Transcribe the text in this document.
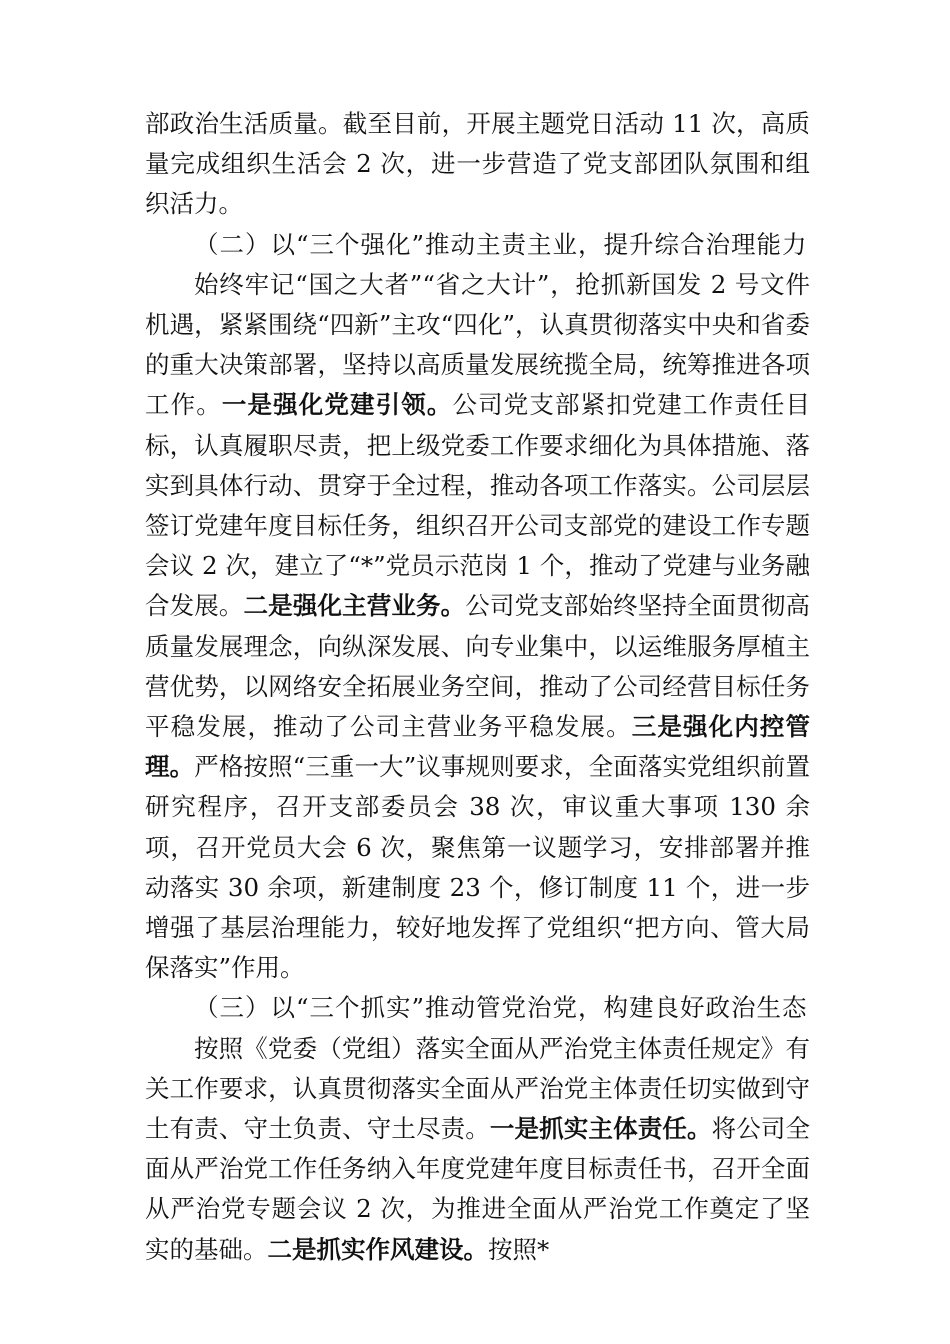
部政治生活质量。截至目前，开展主题党日活动 11 次，高质量完成组织生活会 2 次，进一步营造了党支部团队氛围和组织活力。

（二）以“三个强化”推动主责主业，提升综合治理能力

始终牢记“国之大者”“省之大计”，抢抓新国发 2 号文件机遇，紧紧围绕“四新”主攻“四化”，认真贯彻落实中央和省委的重大决策部署，坚持以高质量发展统揽全局，统筹推进各项工作。一是强化党建引领。公司党支部紧扣党建工作责任目标，认真履职尽责，把上级党委工作要求细化为具体措施、落实到具体行动、贯穿于全过程，推动各项工作落实。公司层层签订党建年度目标任务，组织召开公司支部党的建设工作专题会议 2 次，建立了“*”党员示范岗 1 个，推动了党建与业务融合发展。二是强化主营业务。公司党支部始终坚持全面贯彻高质量发展理念，向纵深发展、向专业集中，以运维服务厚植主营优势，以网络安全拓展业务空间，推动了公司经营目标任务平稳发展，推动了公司主营业务平稳发展。三是强化内控管理。严格按照“三重一大”议事规则要求，全面落实党组织前置研究程序，召开支部委员会 38 次，审议重大事项 130 余项，召开党员大会 6 次，聚焦第一议题学习，安排部署并推动落实 30 余项，新建制度 23 个，修订制度 11 个，进一步增强了基层治理能力，较好地发挥了党组织“把方向、管大局保落实”作用。

（三）以“三个抓实”推动管党治党，构建良好政治生态

按照《党委（党组）落实全面从严治党主体责任规定》有关工作要求，认真贯彻落实全面从严治党主体责任切实做到守土有责、守土负责、守土尽责。一是抓实主体责任。将公司全面从严治党工作任务纳入年度党建年度目标责任书，召开全面从严治党专题会议 2 次，为推进全面从严治党工作奠定了坚实的基础。二是抓实作风建设。按照*
